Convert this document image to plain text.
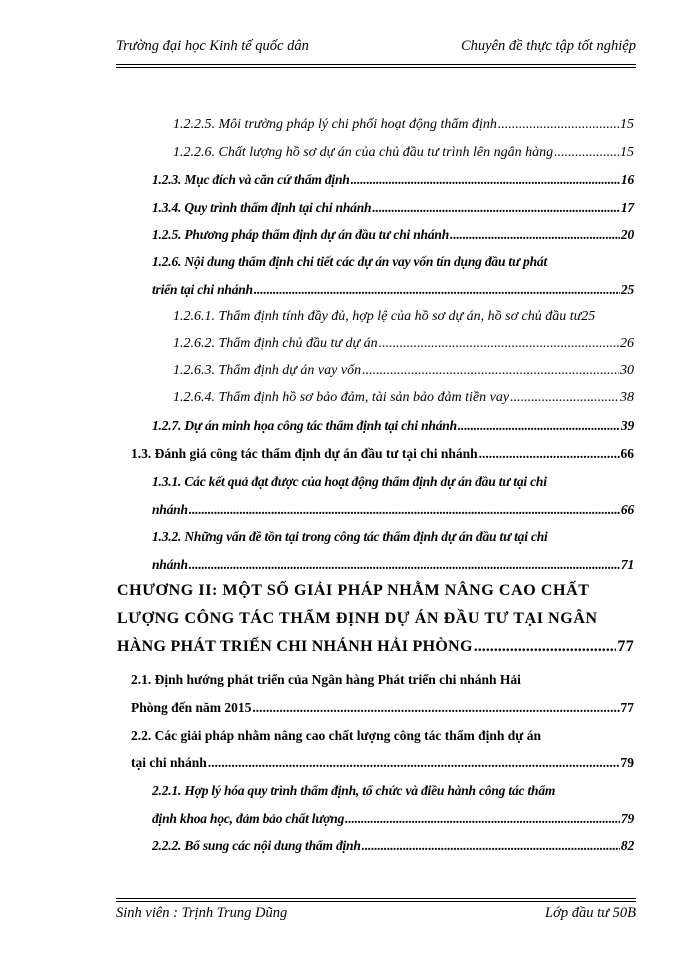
Trường đại học Kinh tế quốc dân	Chuyên đề thực tập tốt nghiệp
1.2.2.5. Môi trường pháp lý chi phối hoạt động thẩm định .....	15
1.2.2.6. Chất lượng hồ sơ dự án của chủ đầu tư trình lên ngân hàng .....	15
1.2.3. Mục đích và căn cứ thẩm định .....	16
1.3.4. Quy trình thẩm định tại chi nhánh .....	17
1.2.5. Phương pháp thẩm định dự án đầu tư chi nhánh .....	20
1.2.6. Nội dung thẩm định chi tiết các dự án vay vốn tín dụng đầu tư phát
triển tại chi nhánh .....	25
1.2.6.1. Thẩm định tính đầy đủ, hợp lệ của hồ sơ dự án, hồ sơ chủ đầu tư 25
1.2.6.2. Thẩm định chủ đầu tư dự án .....	26
1.2.6.3. Thẩm định dự án vay vốn .....	30
1.2.6.4. Thẩm định hồ sơ bảo đảm, tài sản bảo đảm tiền vay .....	38
1.2.7. Dự án minh họa công tác thẩm định tại chi nhánh .....	39
1.3. Đánh giá công tác thẩm định dự án đầu tư tại chi nhánh .....	66
1.3.1. Các kết quả đạt được của hoạt động thẩm định dự án đầu tư tại chi
nhánh .....	66
1.3.2. Những vấn đề tồn tại trong công tác thẩm định dự án đầu tư tại chi
nhánh .....	71
CHƯƠNG II: MỘT SỐ GIẢI PHÁP NHẰM NÂNG CAO CHẤT
LƯỢNG CÔNG TÁC THẨM ĐỊNH DỰ ÁN ĐẦU TƯ TẠI NGÂN
HÀNG PHÁT TRIỂN CHI NHÁNH HẢI PHÒNG .....	77
2.1. Định hướng phát triển của Ngân hàng Phát triển chi nhánh Hải
Phòng đến năm 2015 .....	77
2.2. Các giải pháp nhằm nâng cao chất lượng công tác thẩm định dự án
tại chi nhánh .....	79
2.2.1. Hợp lý hóa quy trình thẩm định, tổ chức và điều hành công tác thẩm
định khoa học, đảm bảo chất lượng .....	79
2.2.2. Bổ sung các nội dung thẩm định .....	82
Sinh viên : Trịnh Trung Dũng	Lớp đầu tư 50B
